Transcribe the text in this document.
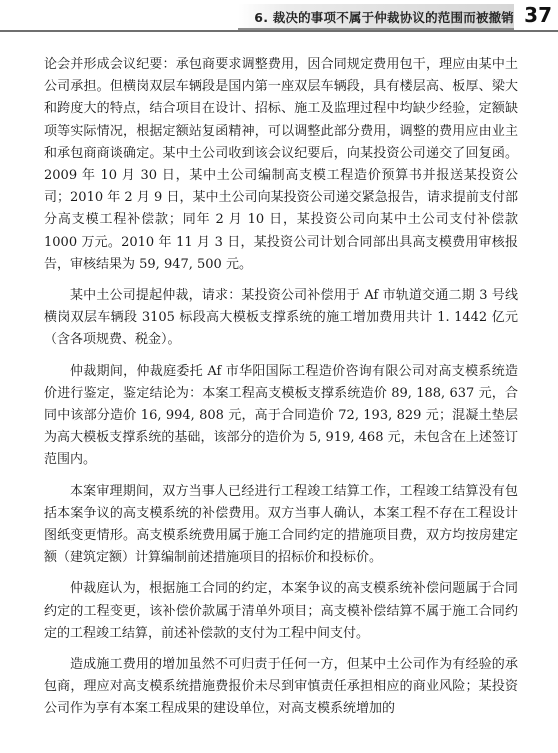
6. 裁决的事项不属于仲裁协议的范围而被撤销 37

论会并形成会议纪要：承包商要求调整费用，因合同规定费用包干，理应由某中土公司承担。但横岗双层车辆段是国内第一座双层车辆段，具有楼层高、板厚、梁大和跨度大的特点，结合项目在设计、招标、施工及监理过程中均缺少经验，定额缺项等实际情况，根据定额站复函精神，可以调整此部分费用，调整的费用应由业主和承包商商谈确定。某中土公司收到该会议纪要后，向某投资公司递交了回复函。2009 年 10 月 30 日，某中土公司编制高支模工程造价预算书并报送某投资公司；2010 年 2 月 9 日，某中土公司向某投资公司递交紧急报告，请求提前支付部分高支模工程补偿款；同年 2 月 10 日，某投资公司向某中土公司支付补偿款 1000 万元。2010 年 11 月 3 日，某投资公司计划合同部出具高支模费用审核报告，审核结果为 59, 947, 500 元。

某中土公司提起仲裁，请求：某投资公司补偿用于 Af 市轨道交通二期 3 号线横岗双层车辆段 3105 标段高大模板支撑系统的施工增加费用共计 1. 1442 亿元（含各项规费、税金）。

仲裁期间，仲裁庭委托 Af 市华阳国际工程造价咨询有限公司对高支模系统造价进行鉴定，鉴定结论为：本案工程高支模板支撑系统造价 89, 188, 637 元，合同中该部分造价 16, 994, 808 元，高于合同造价 72, 193, 829 元；混凝土垫层为高大模板支撑系统的基础，该部分的造价为 5, 919, 468 元，未包含在上述签订范围内。

本案审理期间，双方当事人已经进行工程竣工结算工作，工程竣工结算没有包括本案争议的高支模系统的补偿费用。双方当事人确认，本案工程不存在工程设计图纸变更情形。高支模系统费用属于施工合同约定的措施项目费，双方均按房建定额（建筑定额）计算编制前述措施项目的招标价和投标价。

仲裁庭认为，根据施工合同的约定，本案争议的高支模系统补偿问题属于合同约定的工程变更，该补偿价款属于清单外项目；高支模补偿结算不属于施工合同约定的工程竣工结算，前述补偿款的支付为工程中间支付。

造成施工费用的增加虽然不可归责于任何一方，但某中土公司作为有经验的承包商，理应对高支模系统措施费报价未尽到审慎责任承担相应的商业风险；某投资公司作为享有本案工程成果的建设单位，对高支模系统增加的
